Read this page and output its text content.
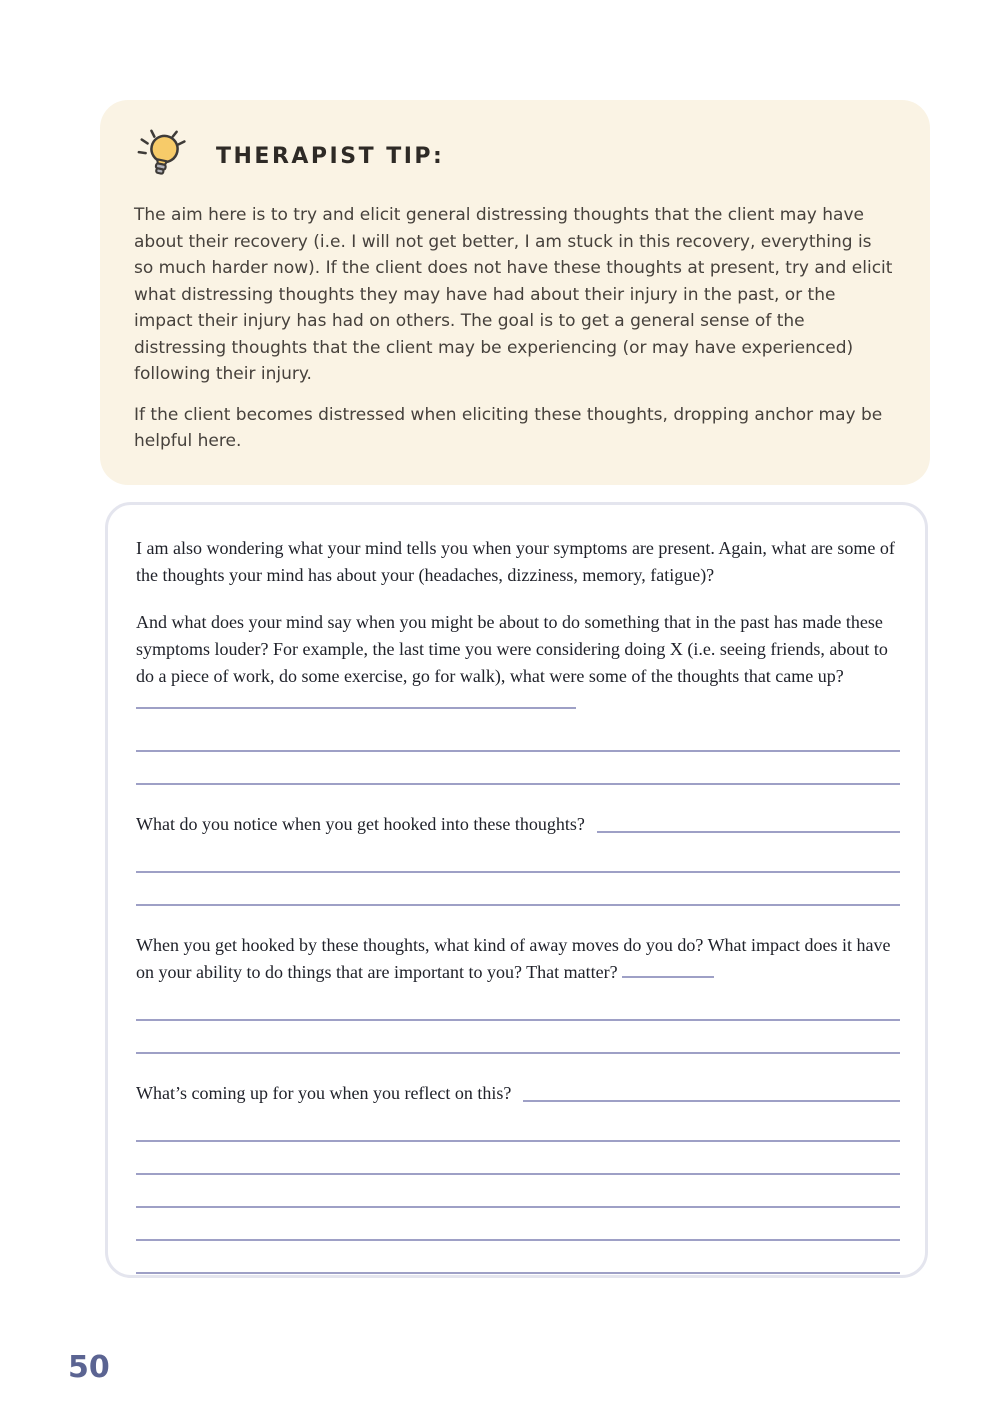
THERAPIST TIP:

The aim here is to try and elicit general distressing thoughts that the client may have about their recovery (i.e. I will not get better, I am stuck in this recovery, everything is so much harder now). If the client does not have these thoughts at present, try and elicit what distressing thoughts they may have had about their injury in the past, or the impact their injury has had on others. The goal is to get a general sense of the distressing thoughts that the client may be experiencing (or may have experienced) following their injury.

If the client becomes distressed when eliciting these thoughts, dropping anchor may be helpful here.

I am also wondering what your mind tells you when your symptoms are present. Again, what are some of the thoughts your mind has about your (headaches, dizziness, memory, fatigue)?

And what does your mind say when you might be about to do something that in the past has made these symptoms louder? For example, the last time you were considering doing X (i.e. seeing friends, about to do a piece of work, do some exercise, go for walk), what were some of the thoughts that came up?

What do you notice when you get hooked into these thoughts?

When you get hooked by these thoughts, what kind of away moves do you do? What impact does it have on your ability to do things that are important to you? That matter?

What’s coming up for you when you reflect on this?
50
